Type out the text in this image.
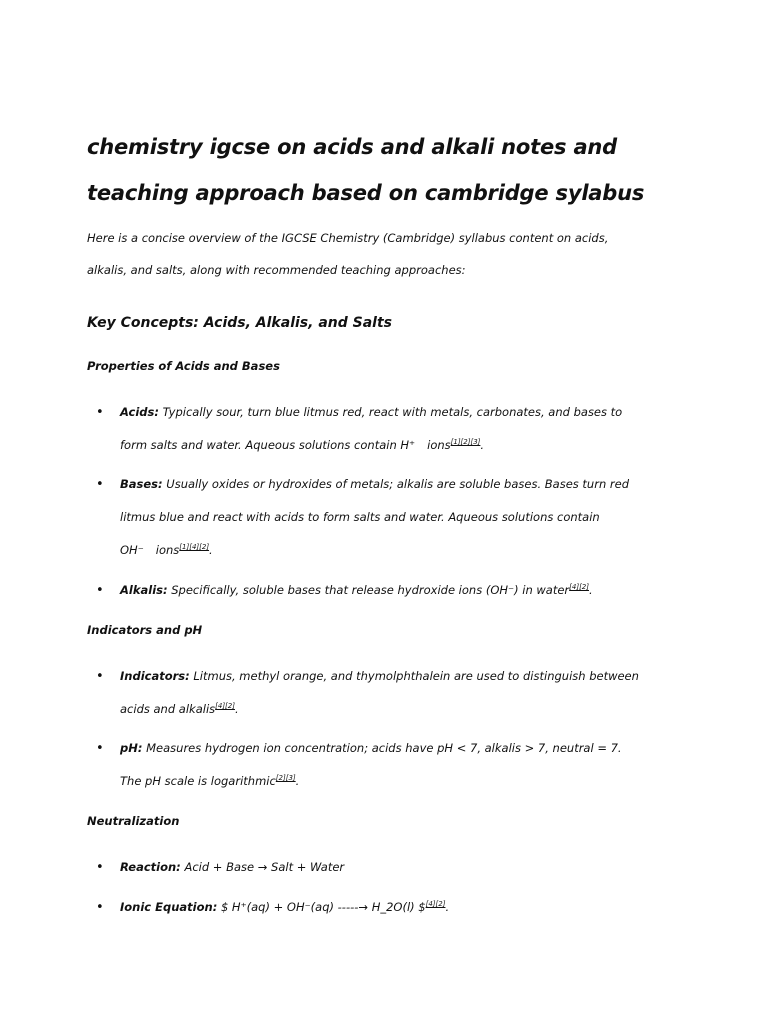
chemistry igcse on acids and alkali notes and
teaching approach based on cambridge sylabus

Here is a concise overview of the IGCSE Chemistry (Cambridge) syllabus content on acids,
alkalis, and salts, along with recommended teaching approaches:

Key Concepts: Acids, Alkalis, and Salts
Properties of Acids and Bases
•	Acids: Typically sour, turn blue litmus red, react with metals, carbonates, and bases to
form salts and water. Aqueous solutions contain H⁺ ions[1][2][3].
•	Bases: Usually oxides or hydroxides of metals; alkalis are soluble bases. Bases turn red
litmus blue and react with acids to form salts and water. Aqueous solutions contain
OH⁻ ions[1][4][2].
•	Alkalis: Specifically, soluble bases that release hydroxide ions (OH⁻) in water[4][2].
Indicators and pH
•	Indicators: Litmus, methyl orange, and thymolphthalein are used to distinguish between
acids and alkalis[4][2].
•	pH: Measures hydrogen ion concentration; acids have pH < 7, alkalis > 7, neutral = 7.
The pH scale is logarithmic[2][3].
Neutralization
•	Reaction: Acid + Base → Salt + Water
•	Ionic Equation: $ H⁺(aq) + OH⁻(aq) -----→ H_2O(l) $[4][2].
